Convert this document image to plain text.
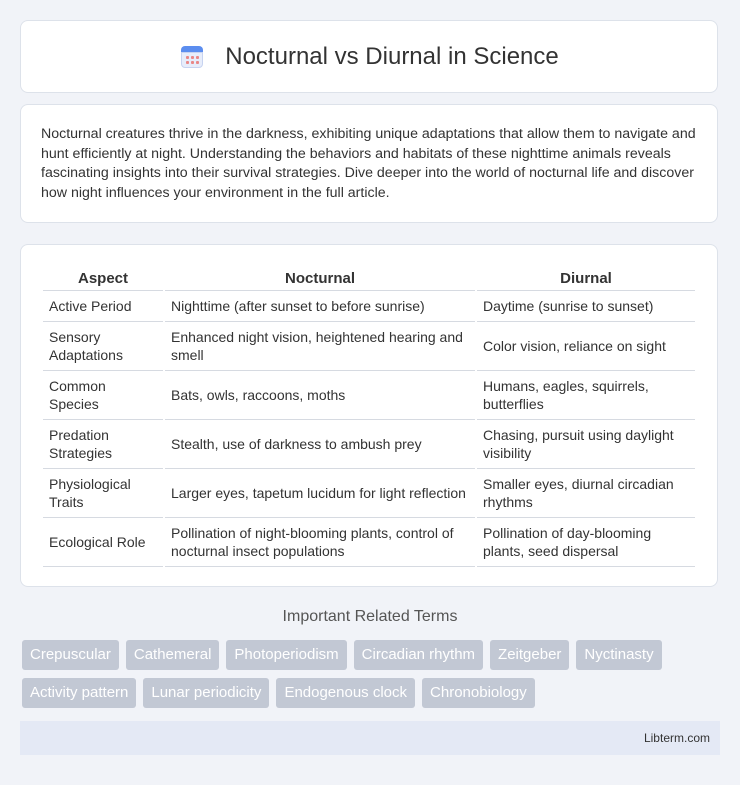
Nocturnal vs Diurnal in Science

Nocturnal creatures thrive in the darkness, exhibiting unique adaptations that allow them to navigate and hunt efficiently at night. Understanding the behaviors and habitats of these nighttime animals reveals fascinating insights into their survival strategies. Dive deeper into the world of nocturnal life and discover how night influences your environment in the full article.

Aspect	Nocturnal	Diurnal
Active Period	Nighttime (after sunset to before sunrise)	Daytime (sunrise to sunset)
Sensory Adaptations	Enhanced night vision, heightened hearing and smell	Color vision, reliance on sight
Common Species	Bats, owls, raccoons, moths	Humans, eagles, squirrels, butterflies
Predation Strategies	Stealth, use of darkness to ambush prey	Chasing, pursuit using daylight visibility
Physiological Traits	Larger eyes, tapetum lucidum for light reflection	Smaller eyes, diurnal circadian rhythms
Ecological Role	Pollination of night-blooming plants, control of nocturnal insect populations	Pollination of day-blooming plants, seed dispersal
Important Related Terms
Crepuscular	Cathemeral	Photoperiodism	Circadian rhythm	Zeitgeber	Nyctinasty
Activity pattern	Lunar periodicity	Endogenous clock	Chronobiology
Libterm.com
